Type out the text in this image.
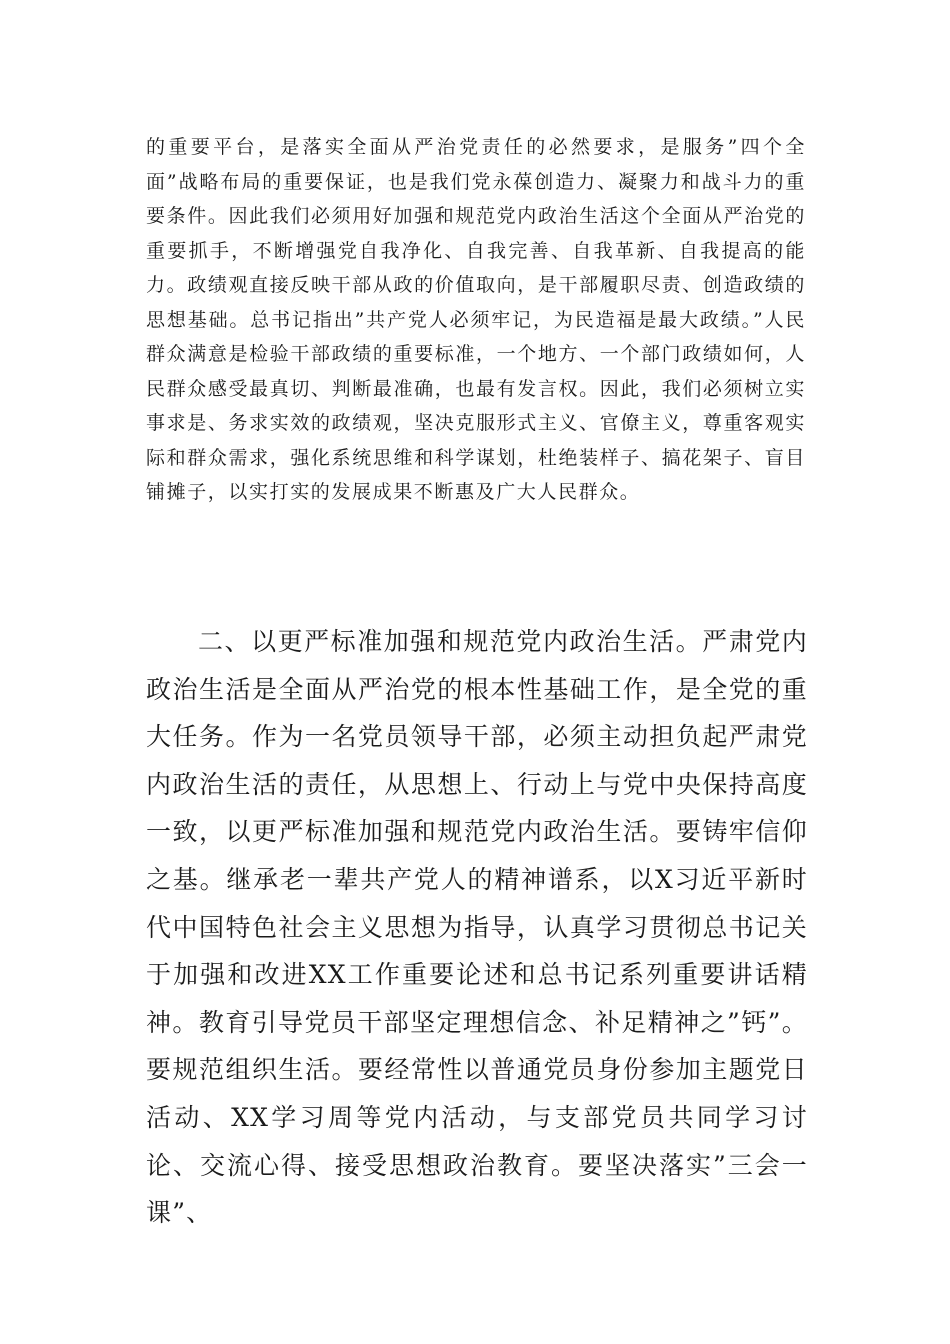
的重要平台，是落实全面从严治党责任的必然要求，是服务”四个全面”战略布局的重要保证，也是我们党永葆创造力、凝聚力和战斗力的重要条件。因此我们必须用好加强和规范党内政治生活这个全面从严治党的重要抓手，不断增强党自我净化、自我完善、自我革新、自我提高的能力。政绩观直接反映干部从政的价值取向，是干部履职尽责、创造政绩的思想基础。总书记指出”共产党人必须牢记，为民造福是最大政绩。”人民群众满意是检验干部政绩的重要标准，一个地方、一个部门政绩如何，人民群众感受最真切、判断最准确，也最有发言权。因此，我们必须树立实事求是、务求实效的政绩观，坚决克服形式主义、官僚主义，尊重客观实际和群众需求，强化系统思维和科学谋划，杜绝装样子、搞花架子、盲目铺摊子，以实打实的发展成果不断惠及广大人民群众。

二、以更严标准加强和规范党内政治生活。严肃党内政治生活是全面从严治党的根本性基础工作，是全党的重大任务。作为一名党员领导干部，必须主动担负起严肃党内政治生活的责任，从思想上、行动上与党中央保持高度一致，以更严标准加强和规范党内政治生活。要铸牢信仰之基。继承老一辈共产党人的精神谱系，以X习近平新时代中国特色社会主义思想为指导，认真学习贯彻总书记关于加强和改进XX工作重要论述和总书记系列重要讲话精神。教育引导党员干部坚定理想信念、补足精神之”钙”。要规范组织生活。要经常性以普通党员身份参加主题党日活动、XX学习周等党内活动，与支部党员共同学习讨论、交流心得、接受思想政治教育。要坚决落实”三会一课”、
